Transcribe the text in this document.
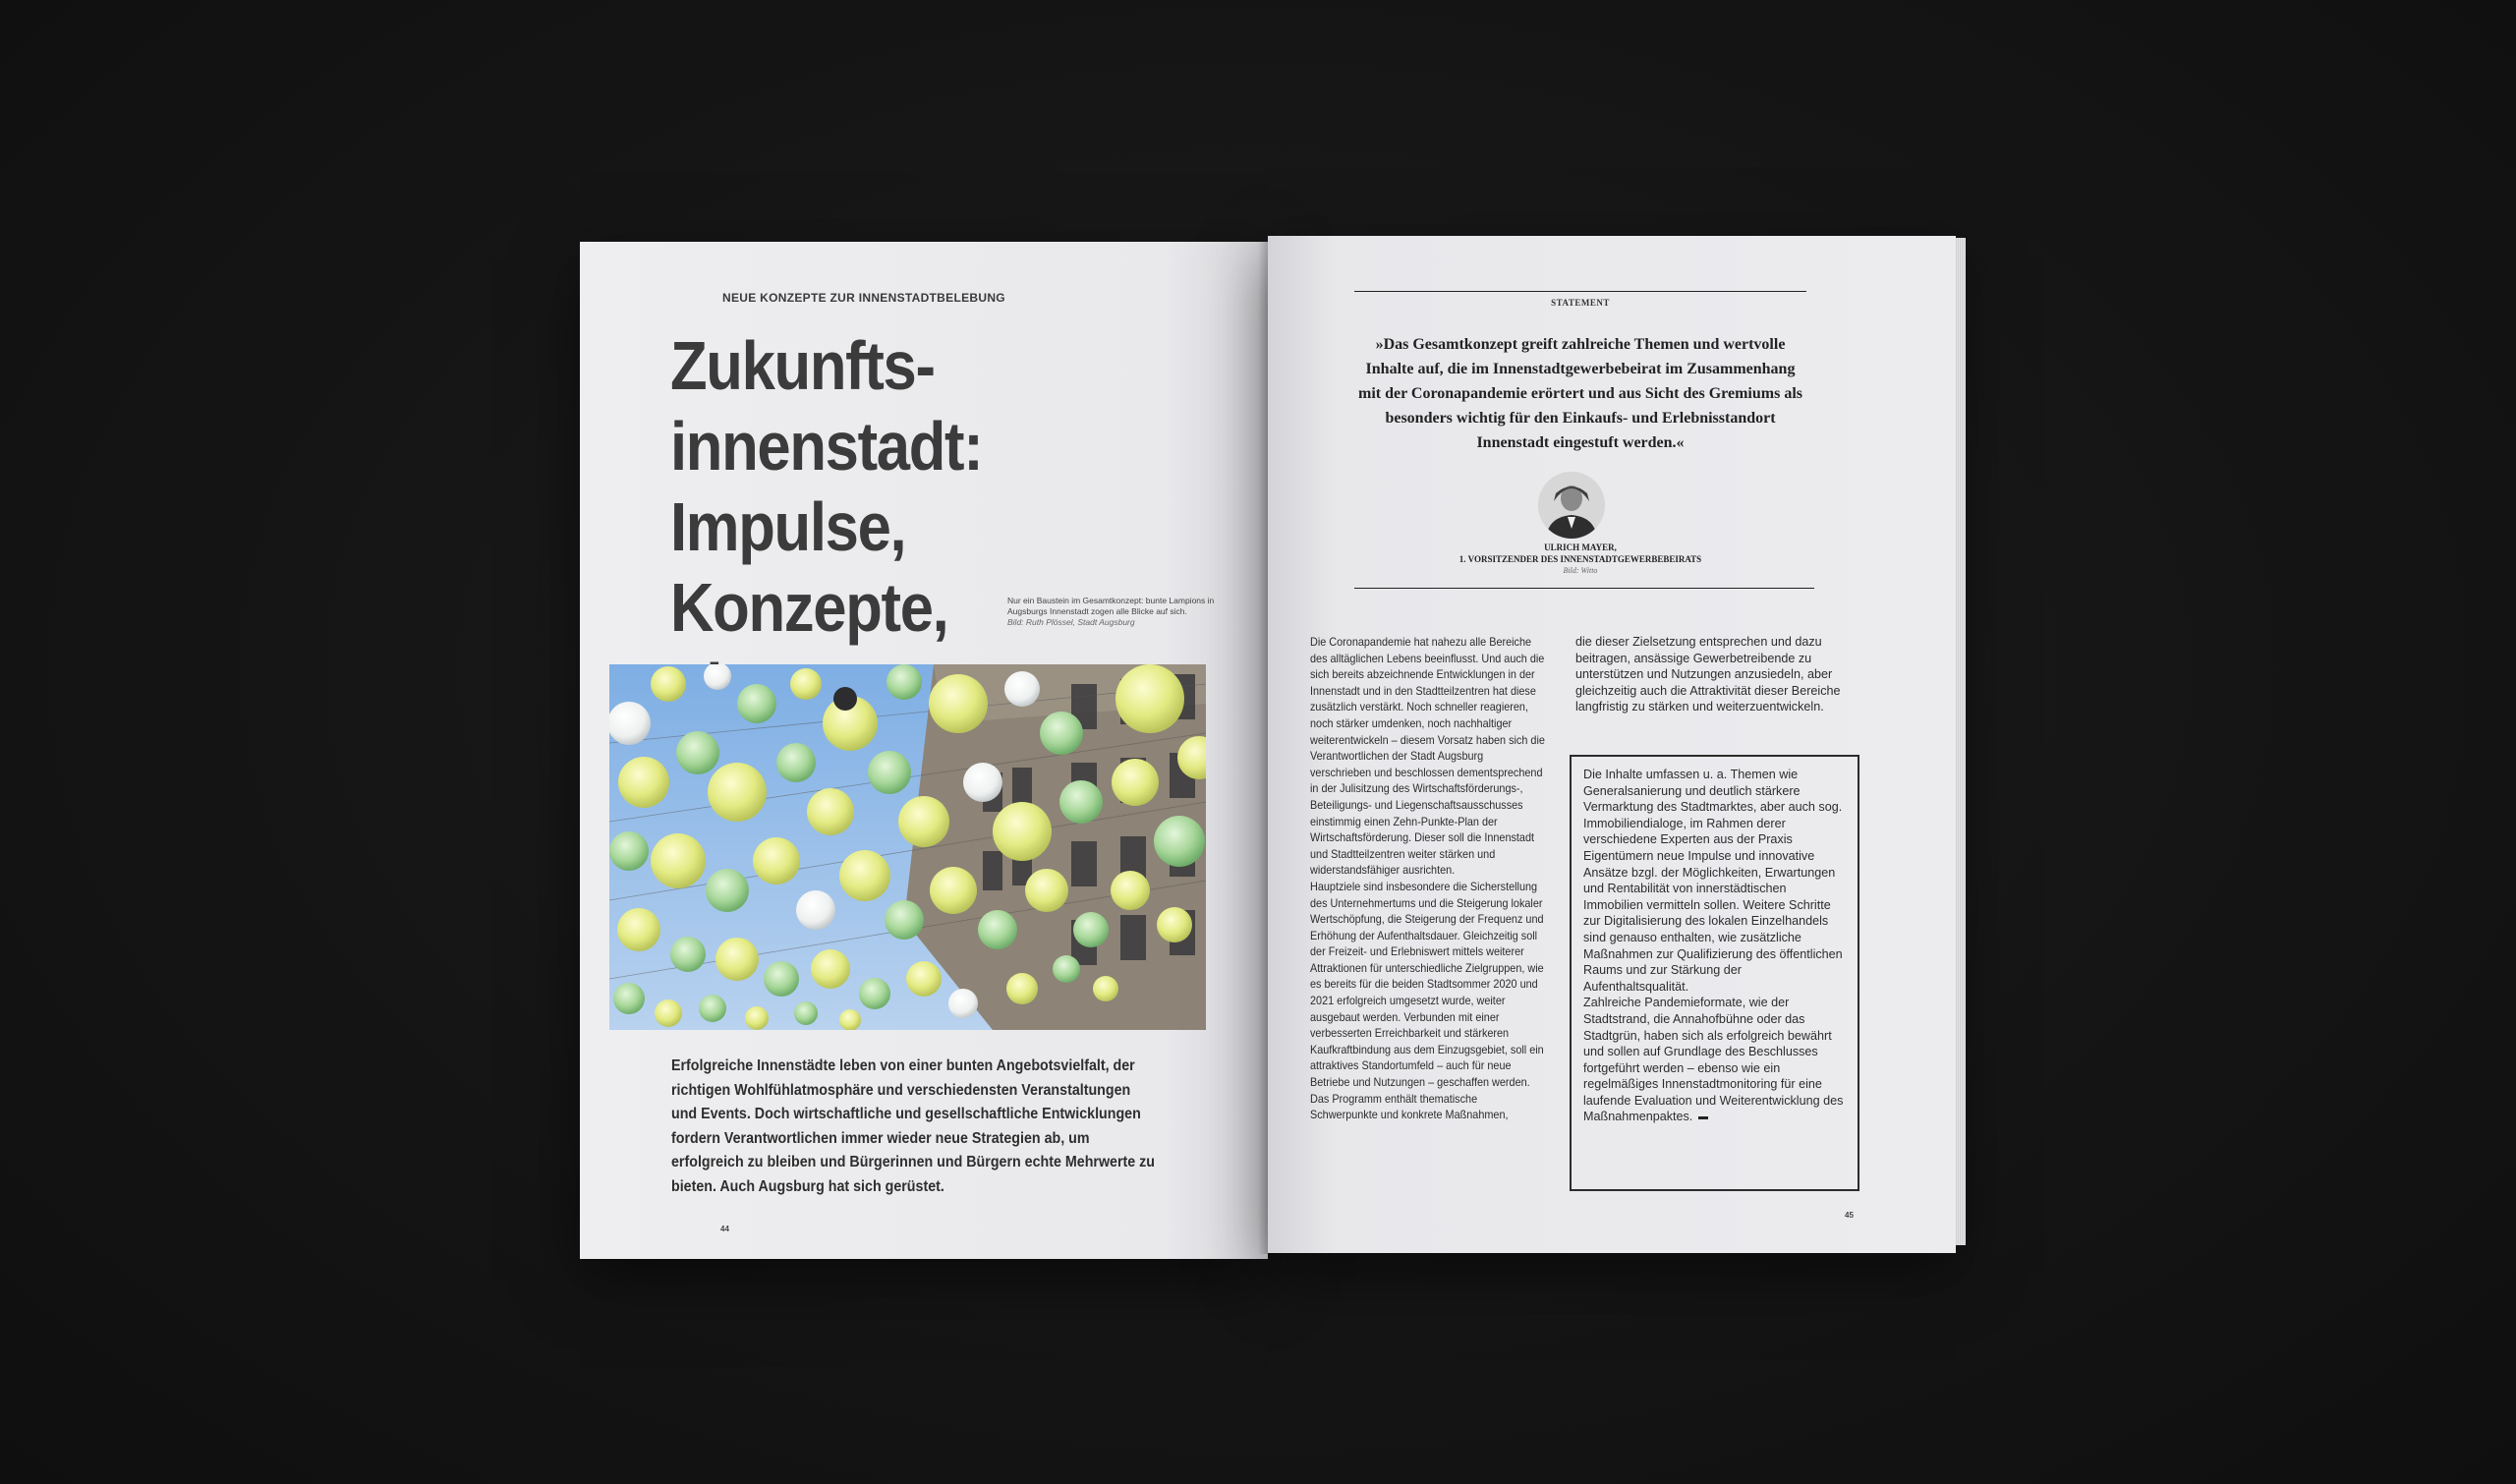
NEUE KONZEPTE ZUR INNENSTADTBELEBUNG
Zukunfts-
innenstadt:
Impulse, Konzepte,	Nur ein Baustein im Gesamtkonzept: bunte Lampions in Augsburgs Innenstadt zogen alle Blicke auf sich.
Bild: Ruth Plössel, Stadt Augsburg
Erfolgreiche Innenstädte leben von einer bunten Angebotsvielfalt, der richtigen Wohlfühlatmosphäre und verschiedensten Veranstaltungen und Events. Doch wirtschaftliche und gesellschaftliche Entwicklungen fordern Verantwortlichen immer wieder neue Strategien ab, um erfolgreich zu bleiben und Bürgerinnen und Bürgern echte Mehrwerte zu bieten. Auch Augsburg hat sich gerüstet.
44
STATEMENT
»Das Gesamtkonzept greift zahlreiche Themen und wertvolle Inhalte auf, die im Innenstadtgewerbebeirat im Zusammenhang mit der Coronapandemie erörtert und aus Sicht des Gremiums als besonders wichtig für den Einkaufs- und Erlebnisstandort Innenstadt eingestuft werden.«
ULRICH MAYER,
1. VORSITZENDER DES INNENSTADTGEWERBEBEIRATS
Bild: Witto

Die Coronapandemie hat nahezu alle Bereiche des alltäglichen Lebens beeinflusst. Und auch die sich bereits abzeichnende Entwicklungen in der Innenstadt und in den Stadtteilzentren hat diese zusätzlich verstärkt. Noch schneller reagieren, noch stärker umdenken, noch nachhaltiger weiterentwickeln – diesem Vorsatz haben sich die Verantwortlichen der Stadt Augsburg verschrieben und beschlossen dementsprechend in der Julisitzung des Wirtschaftsförderungs-, Beteiligungs- und Liegenschaftsausschusses einstimmig einen Zehn-Punkte-Plan der Wirtschaftsförderung. Dieser soll die Innenstadt und Stadtteilzentren weiter stärken und widerstandsfähiger ausrichten.

Hauptziele sind insbesondere die Sicherstellung des Unternehmertums und die Steigerung lokaler Wertschöpfung, die Steigerung der Frequenz und Erhöhung der Aufenthaltsdauer. Gleichzeitig soll der Freizeit- und Erlebniswert mittels weiterer Attraktionen für unterschiedliche Zielgruppen, wie es bereits für die beiden Stadtsommer 2020 und 2021 erfolgreich umgesetzt wurde, weiter ausgebaut werden. Verbunden mit einer verbesserten Erreichbarkeit und stärkeren Kaufkraftbindung aus dem Einzugsgebiet, soll ein attraktives Standortumfeld – auch für neue Betriebe und Nutzungen – geschaffen werden.

Das Programm enthält thematische Schwerpunkte und konkrete Maßnahmen,

die dieser Zielsetzung entsprechen und dazu beitragen, ansässige Gewerbetreibende zu unterstützen und Nutzungen anzusiedeln, aber gleichzeitig auch die Attraktivität dieser Bereiche langfristig zu stärken und weiterzuentwickeln.

Die Inhalte umfassen u. a. Themen wie Generalsanierung und deutlich stärkere Vermarktung des Stadtmarktes, aber auch sog. Immobiliendialoge, im Rahmen derer verschiedene Experten aus der Praxis Eigentümern neue Impulse und innovative Ansätze bzgl. der Möglichkeiten, Erwartungen und Rentabilität von innerstädtischen Immobilien vermitteln sollen. Weitere Schritte zur Digitalisierung des lokalen Einzelhandels sind genauso enthalten, wie zusätzliche Maßnahmen zur Qualifizierung des öffentlichen Raums und zur Stärkung der Aufenthaltsqualität.

Zahlreiche Pandemieformate, wie der Stadtstrand, die Annahofbühne oder das Stadtgrün, haben sich als erfolgreich bewährt und sollen auf Grundlage des Beschlusses fortgeführt werden – ebenso wie ein regelmäßiges Innenstadtmonitoring für eine laufende Evaluation und Weiterentwicklung des Maßnahmenpaktes.

45
